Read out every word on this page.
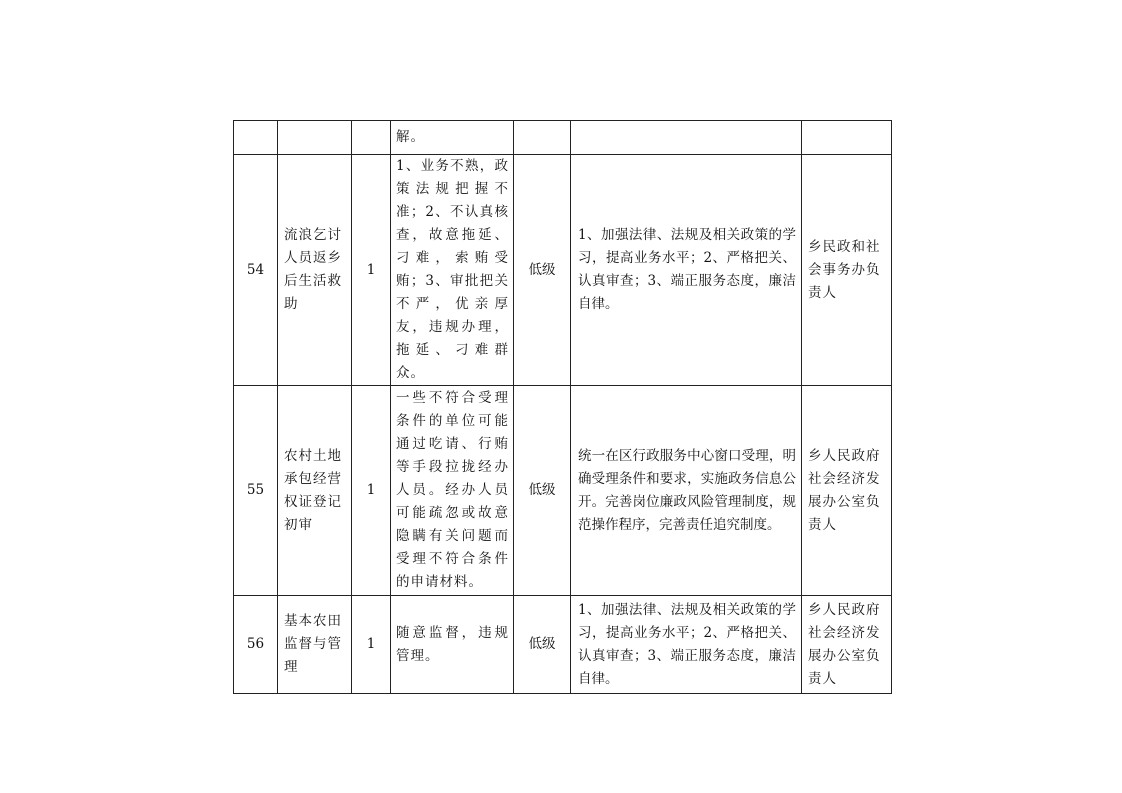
			解。			

54	流浪乞讨人员返乡后生活救助	1	1、业务不熟，政策法规把握不准；2、不认真核查，故意拖延、刁难，索贿受贿；3、审批把关不严，优亲厚友，违规办理，拖延、刁难群众。	低级	1、加强法律、法规及相关政策的学习，提高业务水平；2、严格把关、认真审查；3、端正服务态度，廉洁自律。	乡民政和社会事务办负责人

55	农村土地承包经营权证登记初审	1	一些不符合受理条件的单位可能通过吃请、行贿等手段拉拢经办人员。经办人员可能疏忽或故意隐瞒有关问题而受理不符合条件的申请材料。	低级	统一在区行政服务中心窗口受理，明确受理条件和要求，实施政务信息公开。完善岗位廉政风险管理制度，规范操作程序，完善责任追究制度。	乡人民政府社会经济发展办公室负责人

56	基本农田监督与管理	1	随意监督，违规管理。	低级	1、加强法律、法规及相关政策的学习，提高业务水平；2、严格把关、认真审查；3、端正服务态度，廉洁自律。	乡人民政府社会经济发展办公室负责人
